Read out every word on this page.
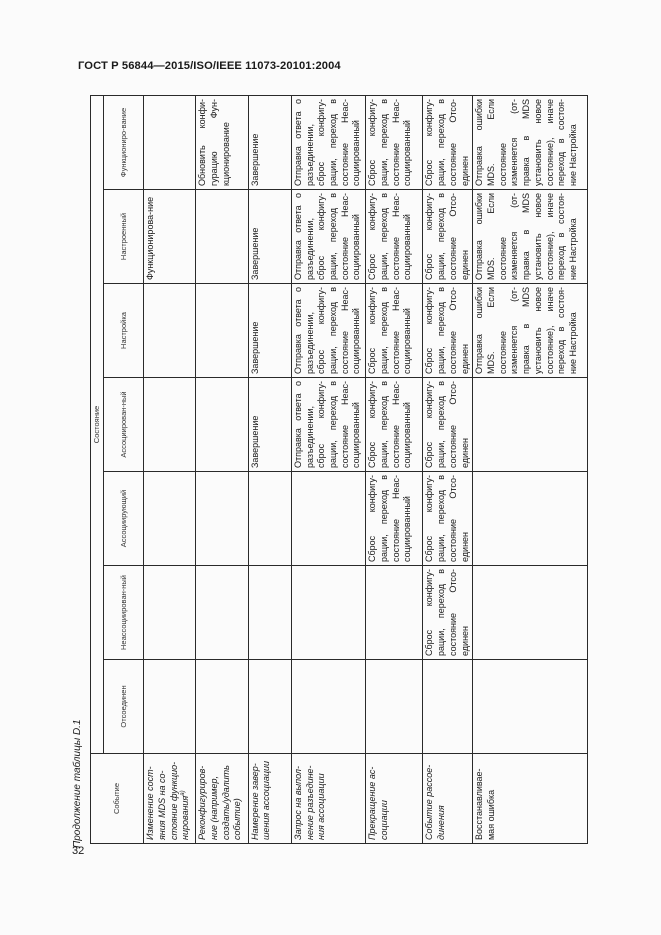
ГОСТ Р 56844—2015/ISO/IEEE 11073-20101:2004
Продолжение таблицы D.1
32
Событие	Состояние						
	Отсоединен	Неассоциирован-ный	Ассоциирующий	Ассоциирован-ный	Настройка	Настроенный	Функциониро-вание
Изменение сост-яния MDS на со-стояние функцио-нирования$^{a)}$						Функционирова-ние	
Реконфигуриров-ние (например, создать/удалить событие)							Обновить конфи-гурацию Фун-кционирование
Намерение завер-шения ассоциации				Завершение	Завершение	Завершение	Завершение
Запрос на выпол-нение разъедине-ния ассоциации				Отправка ответа о разъединении, сброс конфигу-рации, переход в состояние Неас-социированный	Отправка ответа о разъединении, сброс конфигу-рации, переход в состояние Неас-социированный	Отправка ответа о разъединении, сброс конфигу-рации, переход в состояние Неас-социированный	Отправка ответа о разъединении, сброс конфигу-рации, переход в состояние Неас-социированный
Прекращение ас-социации			Сброс конфигу-рации, переход в состояние Неас-социированный	Сброс конфигу-рации, переход в состояние Неас-социированный	Сброс конфигу-рации, переход в состояние Неас-социированный	Сброс конфигу-рации, переход в состояние Неас-социированный	Сброс конфигу-рации, переход в состояние Неас-социированный
Событие рассое-динения		Сброс конфигу-рации, переход в состояние Отсо-единен	Сброс конфигу-рации, переход в состояние Отсо-единен	Сброс конфигу-рации, переход в состояние Отсо-единен	Сброс конфигу-рации, переход в состояние Отсо-единен	Сброс конфигу-рации, переход в состояние Отсо-единен	Сброс конфигу-рации, переход в состояние Отсо-единен
Восстанавливае-мая ошибка					Отправка ошибки MDS. Если состояние изменяется (от-правка в MDS установить новое состояние), иначе переход в состоя-ние Настройка	Отправка ошибки MDS. Если состояние изменяется (от-правка в MDS установить новое состояние), иначе переход в состоя-ние Настройка	Отправка ошибки MDS. Если состояние изменяется (от-правка в MDS установить новое состояние), иначе переход в состоя-ние Настройка
